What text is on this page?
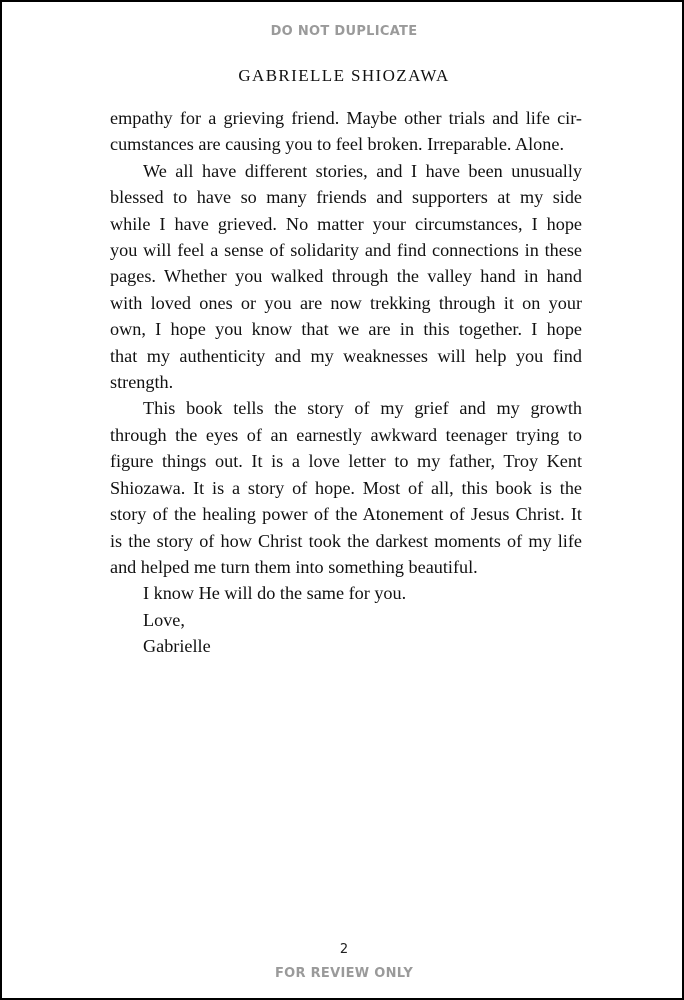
DO NOT DUPLICATE
GABRIELLE SHIOZAWA
empathy for a grieving friend. Maybe other trials and life cir-
cumstances are causing you to feel broken. Irreparable. Alone.
We all have different stories, and I have been unusually
blessed to have so many friends and supporters at my side
while I have grieved. No matter your circumstances, I hope
you will feel a sense of solidarity and find connections in these
pages. Whether you walked through the valley hand in hand
with loved ones or you are now trekking through it on your
own, I hope you know that we are in this together. I hope
that my authenticity and my weaknesses will help you find
strength.
This book tells the story of my grief and my growth
through the eyes of an earnestly awkward teenager trying to
figure things out. It is a love letter to my father, Troy Kent
Shiozawa. It is a story of hope. Most of all, this book is the
story of the healing power of the Atonement of Jesus Christ. It
is the story of how Christ took the darkest moments of my life
and helped me turn them into something beautiful.
I know He will do the same for you.
Love,
Gabrielle
2
FOR REVIEW ONLY
